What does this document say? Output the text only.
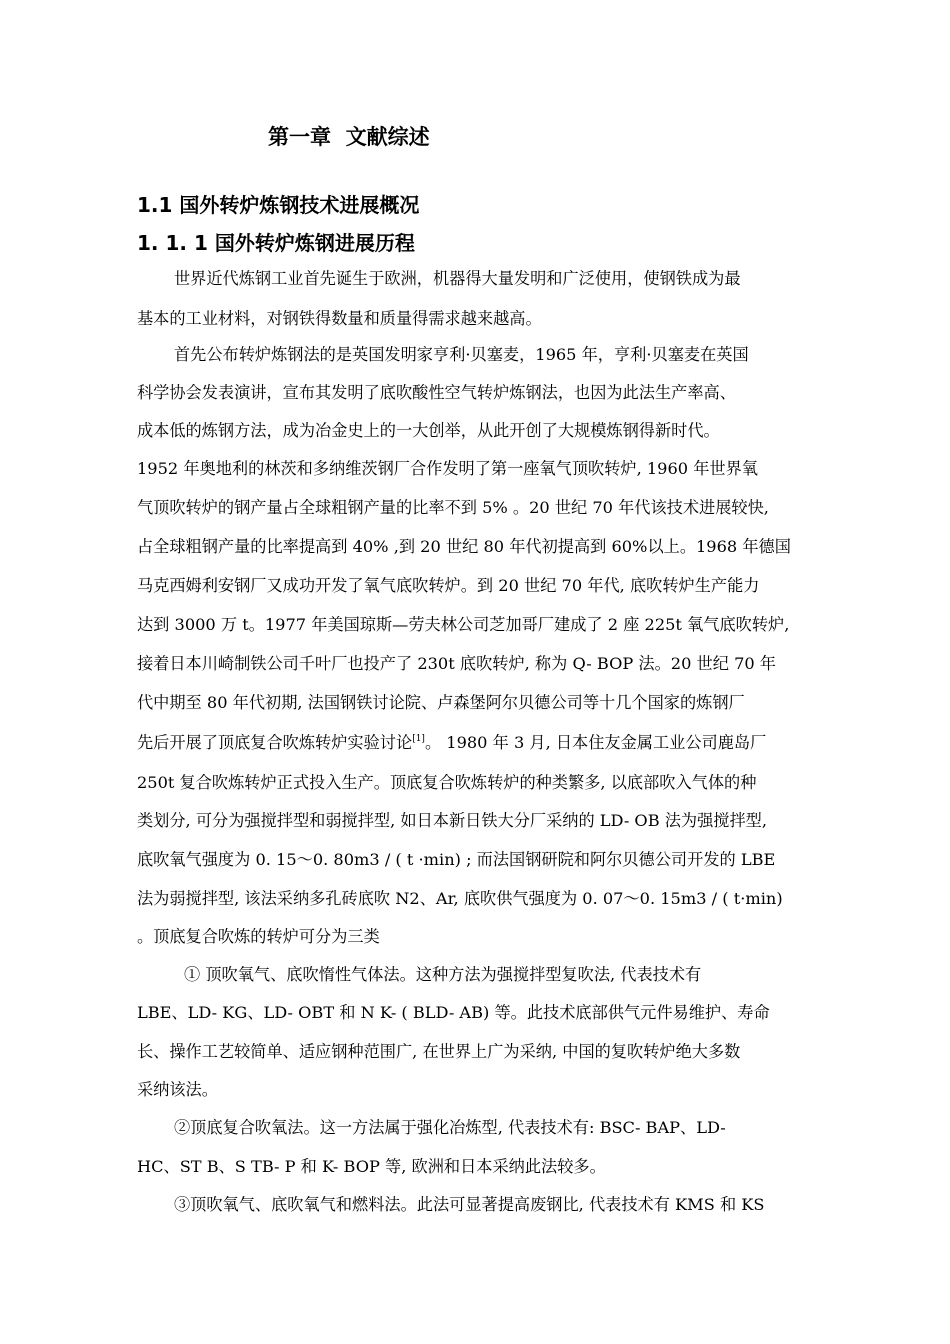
第一章  文献综述
1.1 国外转炉炼钢技术进展概况
1. 1. 1 国外转炉炼钢进展历程
世界近代炼钢工业首先诞生于欧洲，机器得大量发明和广泛使用，使钢铁成为最
基本的工业材料，对钢铁得数量和质量得需求越来越高。
首先公布转炉炼钢法的是英国发明家亨利·贝塞麦，1965 年，亨利·贝塞麦在英国
科学协会发表演讲，宣布其发明了底吹酸性空气转炉炼钢法，也因为此法生产率高、
成本低的炼钢方法，成为冶金史上的一大创举，从此开创了大规模炼钢得新时代。
1952 年奥地利的林茨和多纳维茨钢厂合作发明了第一座氧气顶吹转炉, 1960 年世界氧
气顶吹转炉的钢产量占全球粗钢产量的比率不到 5% 。20 世纪 70 年代该技术进展较快,
占全球粗钢产量的比率提高到 40% ,到 20 世纪 80 年代初提高到 60%以上。1968 年德国
马克西姆利安钢厂又成功开发了氧气底吹转炉。到 20 世纪 70 年代, 底吹转炉生产能力
达到 3000 万 t。1977 年美国琼斯—劳夫林公司芝加哥厂建成了 2 座 225t 氧气底吹转炉,
接着日本川崎制铁公司千叶厂也投产了 230t 底吹转炉, 称为 Q- BOP 法。20 世纪 70 年
代中期至 80 年代初期, 法国钢铁讨论院、卢森堡阿尔贝德公司等十几个国家的炼钢厂
先后开展了顶底复合吹炼转炉实验讨论[1]。 1980 年 3 月, 日本住友金属工业公司鹿岛厂
250t 复合吹炼转炉正式投入生产。顶底复合吹炼转炉的种类繁多, 以底部吹入气体的种
类划分, 可分为强搅拌型和弱搅拌型, 如日本新日铁大分厂采纳的 LD- OB 法为强搅拌型,
底吹氧气强度为 0. 15～0. 80m3 / ( t ·min) ; 而法国钢研院和阿尔贝德公司开发的 LBE
法为弱搅拌型, 该法采纳多孔砖底吹 N2、Ar, 底吹供气强度为 0. 07～0. 15m3 / ( t·min)
。顶底复合吹炼的转炉可分为三类
① 顶吹氧气、底吹惰性气体法。这种方法为强搅拌型复吹法, 代表技术有
LBE、LD- KG、LD- OBT 和 N K- ( BLD- AB) 等。此技术底部供气元件易维护、寿命
长、操作工艺较简单、适应钢种范围广, 在世界上广为采纳, 中国的复吹转炉绝大多数
采纳该法。
②顶底复合吹氧法。这一方法属于强化冶炼型, 代表技术有: BSC- BAP、LD-
HC、ST B、S TB- P 和 K- BOP 等, 欧洲和日本采纳此法较多。
③顶吹氧气、底吹氧气和燃料法。此法可显著提高废钢比, 代表技术有 KMS 和 KS
